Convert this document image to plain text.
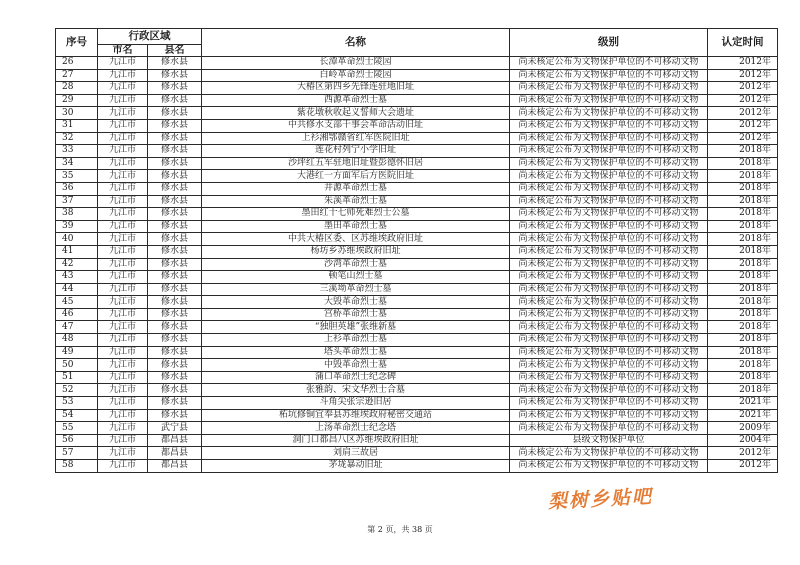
序号	行政区域		名称	级别	认定时间
	市名	县名			
26	九江市	修水县	长潭革命烈士陵园	尚未核定公布为文物保护单位的不可移动文物	2012年
27	九江市	修水县	白岭革命烈士陵园	尚未核定公布为文物保护单位的不可移动文物	2012年
28	九江市	修水县	大椿区第四乡先锋连驻地旧址	尚未核定公布为文物保护单位的不可移动文物	2012年
29	九江市	修水县	西源革命烈士墓	尚未核定公布为文物保护单位的不可移动文物	2012年
30	九江市	修水县	紫花墩秋收起义誓师大会遗址	尚未核定公布为文物保护单位的不可移动文物	2012年
31	九江市	修水县	中共修水支部干事会革命活动旧址	尚未核定公布为文物保护单位的不可移动文物	2012年
32	九江市	修水县	上衫湘鄂赣省红军医院旧址	尚未核定公布为文物保护单位的不可移动文物	2012年
33	九江市	修水县	莲花村列宁小学旧址	尚未核定公布为文物保护单位的不可移动文物	2018年
34	九江市	修水县	沙坪红五军驻地旧址暨彭德怀旧居	尚未核定公布为文物保护单位的不可移动文物	2018年
35	九江市	修水县	大港红一方面军后方医院旧址	尚未核定公布为文物保护单位的不可移动文物	2018年
36	九江市	修水县	井源革命烈士墓	尚未核定公布为文物保护单位的不可移动文物	2018年
37	九江市	修水县	朱溪革命烈士墓	尚未核定公布为文物保护单位的不可移动文物	2018年
38	九江市	修水县	墨田红十七师死难烈士公墓	尚未核定公布为文物保护单位的不可移动文物	2018年
39	九江市	修水县	墨田革命烈士墓	尚未核定公布为文物保护单位的不可移动文物	2018年
40	九江市	修水县	中共大椿区委、区苏维埃政府旧址	尚未核定公布为文物保护单位的不可移动文物	2018年
41	九江市	修水县	杨坊乡苏维埃政府旧址	尚未核定公布为文物保护单位的不可移动文物	2018年
42	九江市	修水县	沙湾革命烈士墓	尚未核定公布为文物保护单位的不可移动文物	2018年
43	九江市	修水县	顿笔山烈士墓	尚未核定公布为文物保护单位的不可移动文物	2018年
44	九江市	修水县	三溪坳革命烈士墓	尚未核定公布为文物保护单位的不可移动文物	2018年
45	九江市	修水县	大毁革命烈士墓	尚未核定公布为文物保护单位的不可移动文物	2018年
46	九江市	修水县	宫桥革命烈士墓	尚未核定公布为文物保护单位的不可移动文物	2018年
47	九江市	修水县	“独胆英雄”张维新墓	尚未核定公布为文物保护单位的不可移动文物	2018年
48	九江市	修水县	上衫革命烈士墓	尚未核定公布为文物保护单位的不可移动文物	2018年
49	九江市	修水县	塔头革命烈士墓	尚未核定公布为文物保护单位的不可移动文物	2018年
50	九江市	修水县	中毁革命烈士墓	尚未核定公布为文物保护单位的不可移动文物	2018年
51	九江市	修水县	蒲口革命烈士纪念碑	尚未核定公布为文物保护单位的不可移动文物	2018年
52	九江市	修水县	张雅韵、宋文华烈士合墓	尚未核定公布为文物保护单位的不可移动文物	2018年
53	九江市	修水县	斗角尖张宗逊旧居	尚未核定公布为文物保护单位的不可移动文物	2021年
54	九江市	修水县	柘坑修铜宜奉县苏维埃政府秘密交通站	尚未核定公布为文物保护单位的不可移动文物	2021年
55	九江市	武宁县	上汤革命烈士纪念塔	尚未核定公布为文物保护单位的不可移动文物	2009年
56	九江市	都昌县	洞门口都昌八区苏维埃政府旧址	县级文物保护单位	2004年
57	九江市	都昌县	刘肩三故居	尚未核定公布为文物保护单位的不可移动文物	2012年
58	九江市	都昌县	茅垅暴动旧址	尚未核定公布为文物保护单位的不可移动文物	2012年
第 2 页，共 38 页
梨树乡贴吧
